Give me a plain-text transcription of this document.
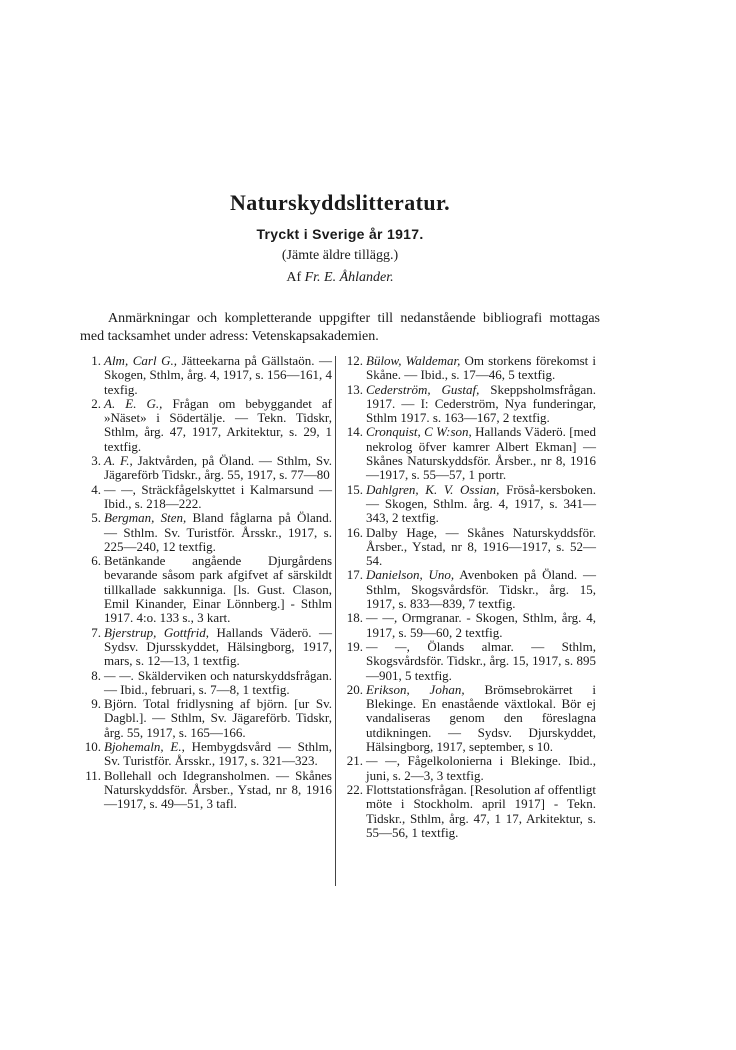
Naturskyddslitteratur.
Tryckt i Sverige år 1917.
(Jämte äldre tillägg.)
Af Fr. E. Åhlander.

Anmärkningar och kompletterande uppgifter till nedanstående bibliografi mottagas med tacksamhet under adress: Vetenskapsakademien.

1. Alm, Carl G., Jätteekarna på Gällstaön. — Skogen, Sthlm, årg. 4, 1917, s. 156—161, 4 texfig.
2. A. E. G., Frågan om bebyggandet af »Näset» i Södertälje. — Tekn. Tidskr, Sthlm, årg. 47, 1917, Arkitektur, s. 29, 1 textfig.
3. A. F., Jaktvården, på Öland. — Sthlm, Sv. Jägareförb Tidskr., årg. 55, 1917, s. 77—80
4. — —, Sträckfågelskyttet i Kalmarsund — Ibid., s. 218—222.
5. Bergman, Sten, Bland fåglarna på Öland. — Sthlm. Sv. Turistför. Årsskr., 1917, s. 225—240, 12 textfig.
6. Betänkande angående Djurgårdens bevarande såsom park afgifvet af särskildt tillkallade sakkunniga. [ls. Gust. Clason, Emil Kinander, Einar Lönnberg.] - Sthlm 1917. 4:o. 133 s., 3 kart.
7. Bjerstrup, Gottfrid, Hallands Väderö. — Sydsv. Djursskyddet, Hälsingborg, 1917, mars, s. 12—13, 1 textfig.
8. — —. Skälderviken och naturskyddsfrågan. — Ibid., februari, s. 7—8, 1 textfig.
9. Björn. Total fridlysning af björn. [ur Sv. Dagbl.]. — Sthlm, Sv. Jägareförb. Tidskr, årg. 55, 1917, s. 165—166.
10. Bjohemaln, E., Hembygdsvård — Sthlm, Sv. Turistför. Årsskr., 1917, s. 321—323.
11. Bollehall och Idegransholmen. — Skånes Naturskyddsför. Årsber., Ystad, nr 8, 1916—1917, s. 49—51, 3 tafl.
12. Bülow, Waldemar, Om storkens förekomst i Skåne. — Ibid., s. 17—46, 5 textfig.
13. Cederström, Gustaf, Skeppsholmsfrågan. 1917. — I: Cederström, Nya funderingar, Sthlm 1917. s. 163—167, 2 textfig.
14. Cronquist, C W:son, Hallands Väderö. [med nekrolog öfver kamrer Albert Ekman] — Skånes Naturskyddsför. Årsber., nr 8, 1916—1917, s. 55—57, 1 portr.
15. Dahlgren, K. V. Ossian, Fröså-kersboken. — Skogen, Sthlm. årg. 4, 1917, s. 341—343, 2 textfig.
16. Dalby Hage, — Skånes Naturskyddsför. Årsber., Ystad, nr 8, 1916—1917, s. 52—54.
17. Danielson, Uno, Avenboken på Öland. — Sthlm, Skogsvårdsför. Tidskr., årg. 15, 1917, s. 833—839, 7 textfig.
18. — —, Ormgranar. - Skogen, Sthlm, årg. 4, 1917, s. 59—60, 2 textfig.
19. — —, Ölands almar. — Sthlm, Skogsvårdsför. Tidskr., årg. 15, 1917, s. 895—901, 5 textfig.
20. Erikson, Johan, Brömsebrokärret i Blekinge. En enastående växtlokal. Bör ej vandaliseras genom den föreslagna utdikningen. — Sydsv. Djurskyddet, Hälsingborg, 1917, september, s 10.
21. — —, Fågelkolonierna i Blekinge. Ibid., juni, s. 2—3, 3 textfig.
22. Flottstationsfrågan. [Resolution af offentligt möte i Stockholm. april 1917] - Tekn. Tidskr., Sthlm, årg. 47, 1 17, Arkitektur, s. 55—56, 1 textfig.
